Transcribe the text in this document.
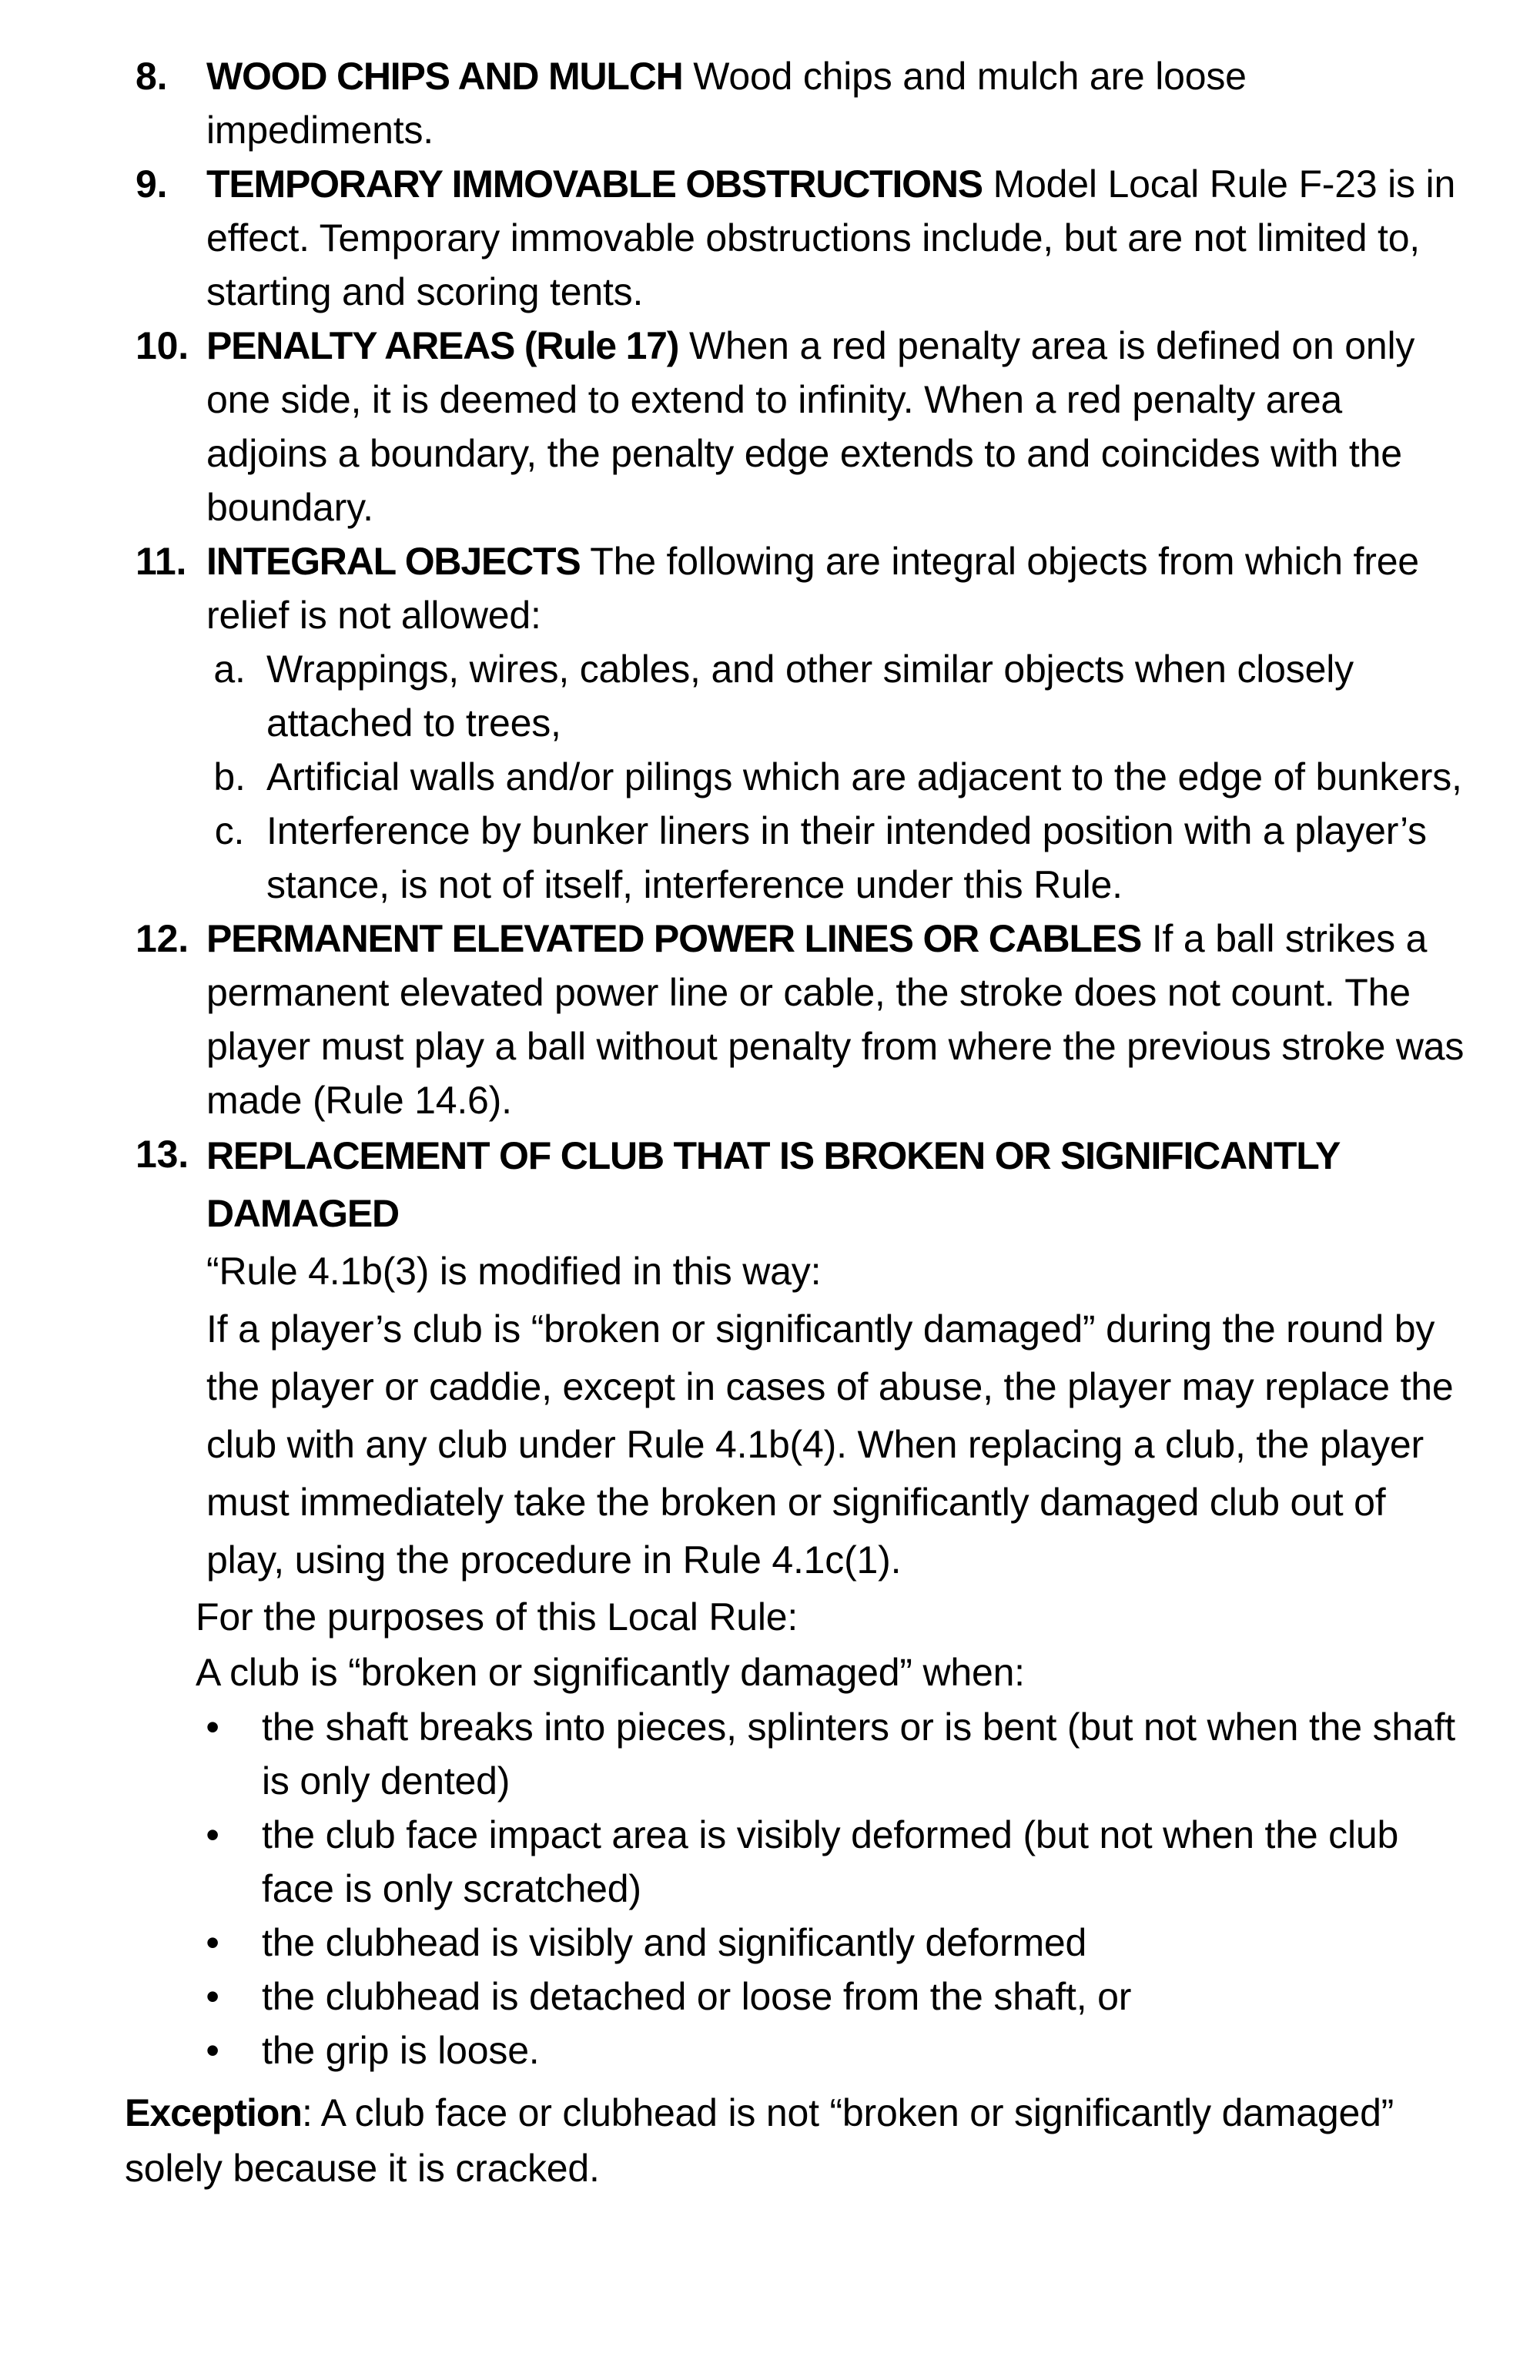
8. WOOD CHIPS AND MULCH Wood chips and mulch are loose impediments.
9. TEMPORARY IMMOVABLE OBSTRUCTIONS Model Local Rule F-23 is in effect. Temporary immovable obstructions include, but are not limited to, starting and scoring tents.
10. PENALTY AREAS (Rule 17) When a red penalty area is defined on only one side, it is deemed to extend to infinity. When a red penalty area adjoins a boundary, the penalty edge extends to and coincides with the boundary.
11. INTEGRAL OBJECTS The following are integral objects from which free relief is not allowed:
a. Wrappings, wires, cables, and other similar objects when closely attached to trees,
b. Artificial walls and/or pilings which are adjacent to the edge of bunkers,
c. Interference by bunker liners in their intended position with a player’s stance, is not of itself, interference under this Rule.
12. PERMANENT ELEVATED POWER LINES OR CABLES If a ball strikes a permanent elevated power line or cable, the stroke does not count. The player must play a ball without penalty from where the previous stroke was made (Rule 14.6).
13. REPLACEMENT OF CLUB THAT IS BROKEN OR SIGNIFICANTLY DAMAGED
“Rule 4.1b(3) is modified in this way:
If a player’s club is “broken or significantly damaged” during the round by the player or caddie, except in cases of abuse, the player may replace the club with any club under Rule 4.1b(4). When replacing a club, the player must immediately take the broken or significantly damaged club out of play, using the procedure in Rule 4.1c(1).
For the purposes of this Local Rule:
A club is “broken or significantly damaged” when:
• the shaft breaks into pieces, splinters or is bent (but not when the shaft is only dented)
• the club face impact area is visibly deformed (but not when the club face is only scratched)
• the clubhead is visibly and significantly deformed
• the clubhead is detached or loose from the shaft, or
• the grip is loose.
Exception: A club face or clubhead is not “broken or significantly damaged” solely because it is cracked.
